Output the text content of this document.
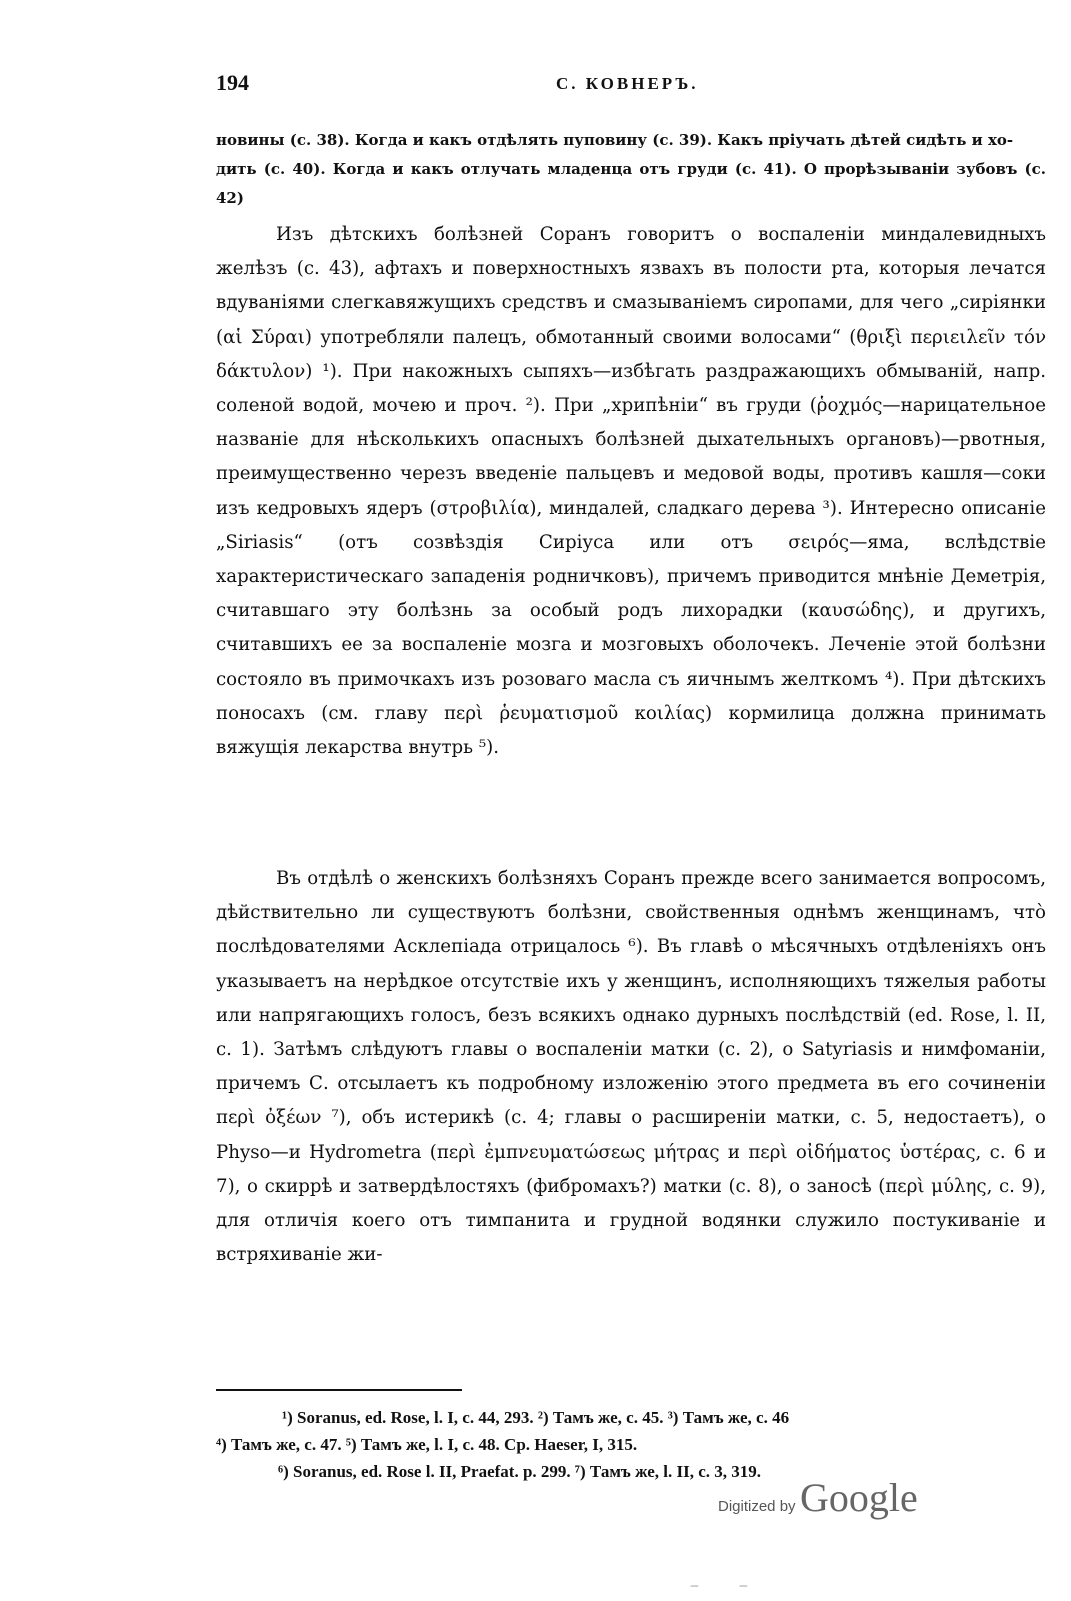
194	С. КОВНЕРЪ.
новины (с. 38). Когда и какъ отдѣлять пуповину (с. 39). Какъ пріучать дѣтей сидѣть и хо-
дить (с. 40). Когда и какъ отлучать младенца отъ груди (с. 41). О прорѣзываніи зубовъ (с. 42)

Изъ дѣтскихъ болѣзней Соранъ говоритъ о воспаленіи миндалевидныхъ желѣзъ (с. 43), афтахъ и поверхностныхъ язвахъ въ полости рта, которыя лечатся вдуваніями слегкавяжущихъ средствъ и смазываніемъ сиропами, для чего „сиріянки (αἱ Σύραι) употребляли палецъ, обмотанный своими волосами“ (θριξὶ περιειλεῖν τόν δάκτυλον) ¹). При накожныхъ сыпяхъ—избѣгать раздражающихъ обмываній, напр. соленой водой, мочею и проч. ²). При „хрипѣніи“ въ груди (ῥοχμός—нарицательное названіе для нѣсколькихъ опасныхъ болѣзней дыхательныхъ органовъ)—рвотныя, преимущественно черезъ введеніе пальцевъ и медовой воды, противъ кашля—соки изъ кедровыхъ ядеръ (στροβιλία), миндалей, сладкаго дерева ³). Интересно описаніе „Siriasis“ (отъ созвѣздія Сиріуса или отъ σειρός—яма, вслѣдствіе характеристическаго западенія родничковъ), причемъ приводится мнѣніе Деметрія, считавшаго эту болѣзнь за особый родъ лихорадки (καυσώδης), и другихъ, считавшихъ ее за воспаленіе мозга и мозговыхъ оболочекъ. Леченіе этой болѣзни состояло въ примочкахъ изъ розоваго масла съ яичнымъ желткомъ ⁴). При дѣтскихъ поносахъ (см. главу περὶ ῥευματισμοῦ κοιλίας) кормилица должна принимать вяжущія лекарства внутрь ⁵).

Въ отдѣлѣ о женскихъ болѣзняхъ Соранъ прежде всего занимается вопросомъ, дѣйствительно ли существуютъ болѣзни, свойственныя однѣмъ женщинамъ, что̀ послѣдователями Асклепіада отрицалось ⁶). Въ главѣ о мѣсячныхъ отдѣленіяхъ онъ указываетъ на нерѣдкое отсутствіе ихъ у женщинъ, исполняющихъ тяжелыя работы или напрягающихъ голосъ, безъ всякихъ однако дурныхъ послѣдствій (ed. Rose, l. II, c. 1). Затѣмъ слѣдуютъ главы о воспаленіи матки (с. 2), о Satyriasis и нимфоманіи, причемъ С. отсылаетъ къ подробному изложенію этого предмета въ его сочиненіи περὶ ὀξέων ⁷), объ истерикѣ (с. 4; главы о расширеніи матки, с. 5, недостаетъ), о Physo—и Hydrometra (περὶ ἐμπνευματώσεως μήτρας и περὶ οἰδήματος ὑστέρας, с. 6 и 7), о скиррѣ и затвердѣлостяхъ (фибромахъ?) матки (с. 8), о заносѣ (περὶ μύλης, с. 9), для отличія коего отъ тимпанита и грудной водянки служило постукиваніе и встряхиваніе жи-

¹) Soranus, ed. Rose, l. I, c. 44, 293. ²) Тамъ же, с. 45. ³) Тамъ же, с. 46
⁴) Тамъ же, с. 47. ⁵) Тамъ же, l. I, с. 48. Ср. Haeser, I, 315.
⁶) Soranus, ed. Rose l. II, Praefat. p. 299. ⁷) Тамъ же, l. II, c. 3, 319.
Digitized by Google
‒‒
